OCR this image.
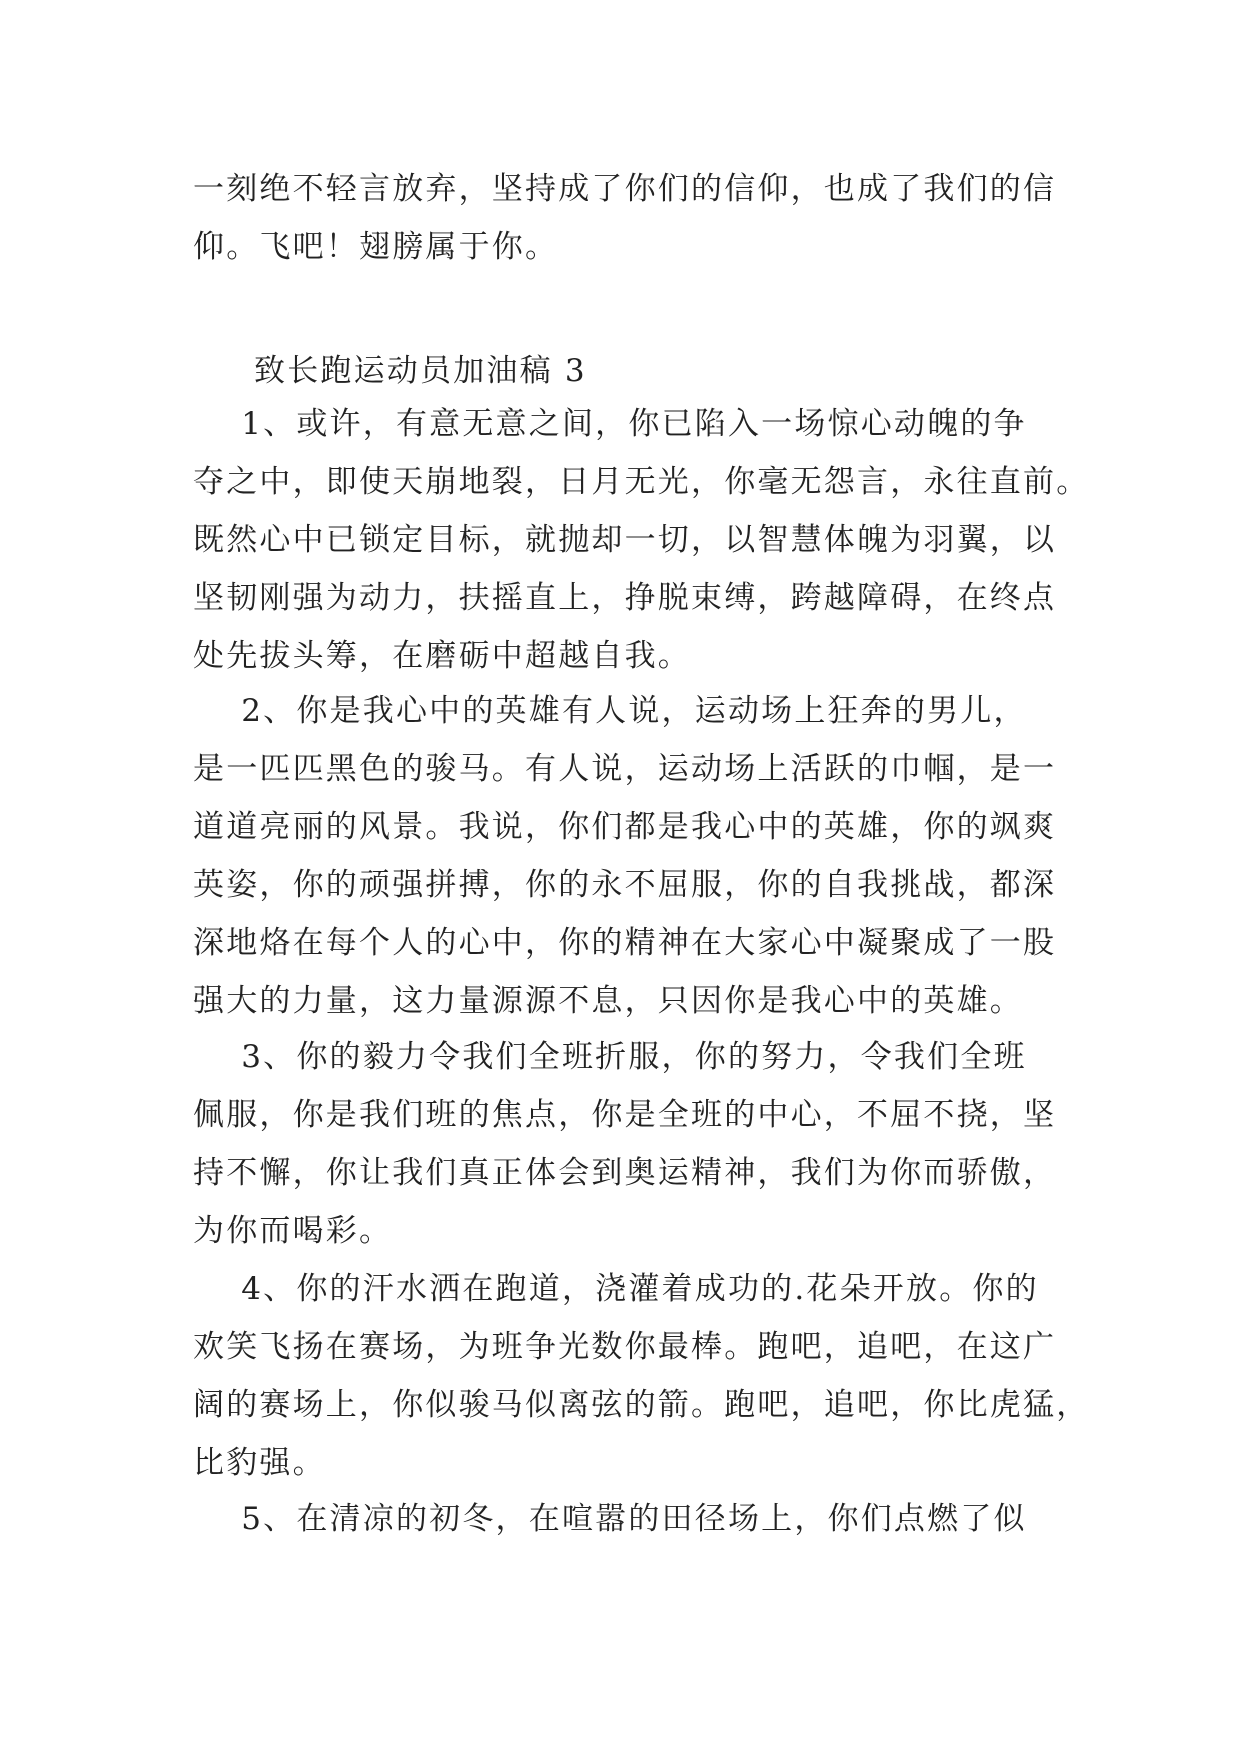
一刻绝不轻言放弃，坚持成了你们的信仰，也成了我们的信
仰。飞吧！翅膀属于你。
致长跑运动员加油稿 3
1、或许，有意无意之间，你已陷入一场惊心动魄的争
夺之中，即使天崩地裂，日月无光，你毫无怨言，永往直前。
既然心中已锁定目标，就抛却一切，以智慧体魄为羽翼，以
坚韧刚强为动力，扶摇直上，挣脱束缚，跨越障碍，在终点
处先拔头筹，在磨砺中超越自我。
2、你是我心中的英雄有人说，运动场上狂奔的男儿，
是一匹匹黑色的骏马。有人说，运动场上活跃的巾帼，是一
道道亮丽的风景。我说，你们都是我心中的英雄，你的飒爽
英姿，你的顽强拼搏，你的永不屈服，你的自我挑战，都深
深地烙在每个人的心中，你的精神在大家心中凝聚成了一股
强大的力量，这力量源源不息，只因你是我心中的英雄。
3、你的毅力令我们全班折服，你的努力，令我们全班
佩服，你是我们班的焦点，你是全班的中心，不屈不挠，坚
持不懈，你让我们真正体会到奥运精神，我们为你而骄傲，
为你而喝彩。
4、你的汗水洒在跑道，浇灌着成功的.花朵开放。你的
欢笑飞扬在赛场，为班争光数你最棒。跑吧，追吧，在这广
阔的赛场上，你似骏马似离弦的箭。跑吧，追吧，你比虎猛，
比豹强。
5、在清凉的初冬，在喧嚣的田径场上，你们点燃了似
